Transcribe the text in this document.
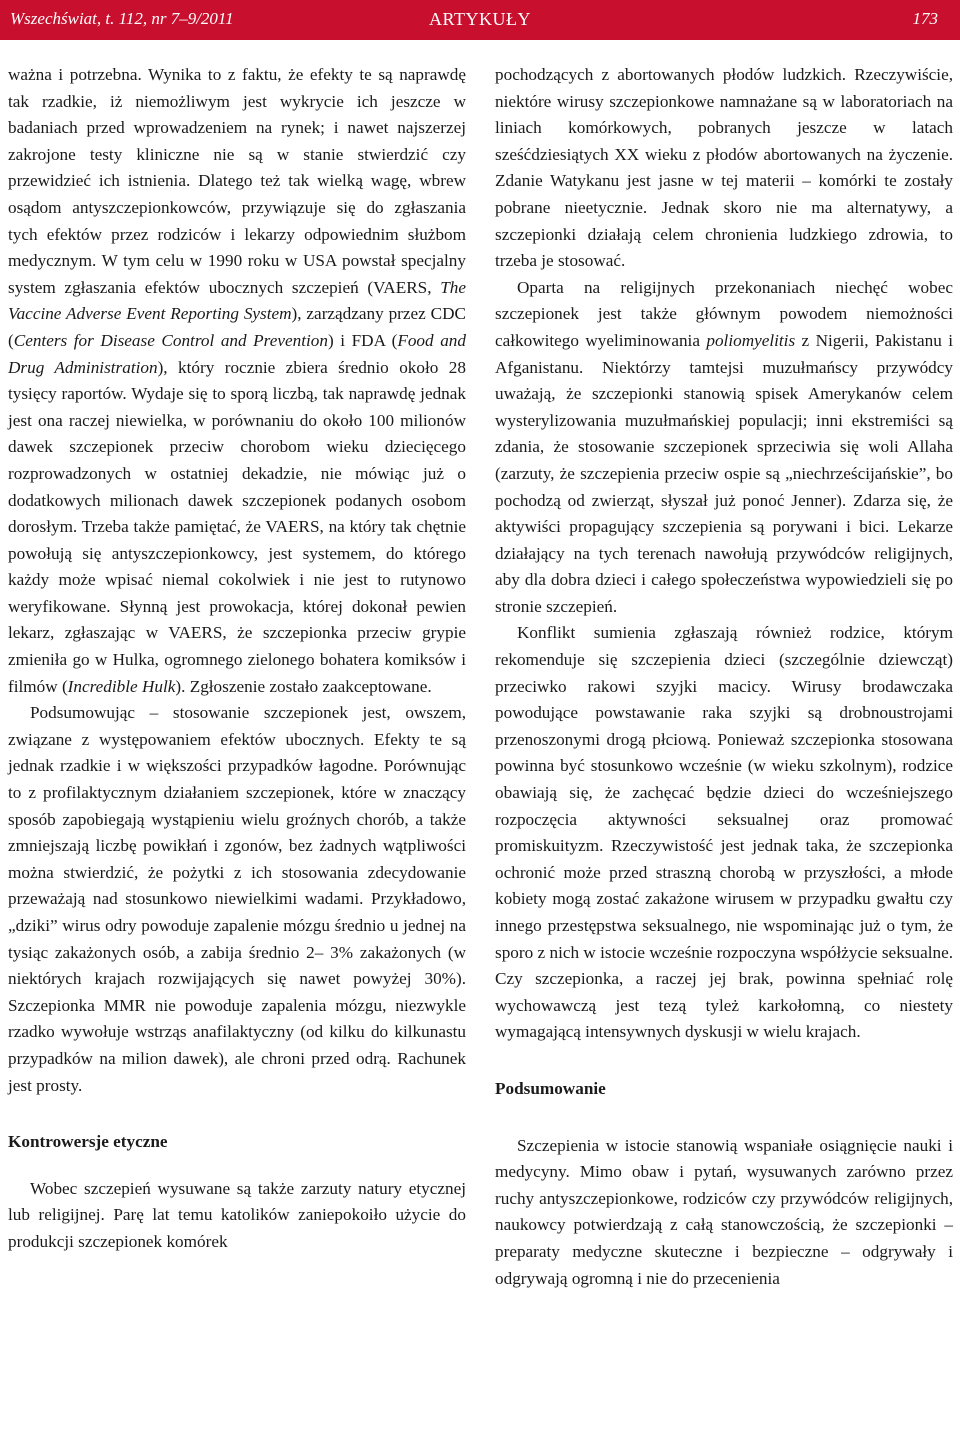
Wszechświat, t. 112, nr 7–9/2011	ARTYKUŁY	173

ważna i potrzebna. Wynika to z faktu, że efekty te są naprawdę tak rzadkie, iż niemożliwym jest wykrycie ich jeszcze w badaniach przed wprowadzeniem na rynek; i nawet najszerzej zakrojone testy kliniczne nie są w stanie stwierdzić czy przewidzieć ich istnienia. Dlatego też tak wielką wagę, wbrew osądom antyszczepionkowców, przywiązuje się do zgłaszania tych efektów przez rodziców i lekarzy odpowiednim służbom medycznym. W tym celu w 1990 roku w USA powstał specjalny system zgłaszania efektów ubocznych szczepień (VAERS, The Vaccine Adverse Event Reporting System), zarządzany przez CDC (Centers for Disease Control and Prevention) i FDA (Food and Drug Administration), który rocznie zbiera średnio około 28 tysięcy raportów. Wydaje się to sporą liczbą, tak naprawdę jednak jest ona raczej niewielka, w porównaniu do około 100 milionów dawek szczepionek przeciw chorobom wieku dziecięcego rozprowadzonych w ostatniej dekadzie, nie mówiąc już o dodatkowych milionach dawek szczepionek podanych osobom dorosłym. Trzeba także pamiętać, że VAERS, na który tak chętnie powołują się antyszczepionkowcy, jest systemem, do którego każdy może wpisać niemal cokolwiek i nie jest to rutynowo weryfikowane. Słynną jest prowokacja, której dokonał pewien lekarz, zgłaszając w VAERS, że szczepionka przeciw grypie zmieniła go w Hulka, ogromnego zielonego bohatera komiksów i filmów (Incredible Hulk). Zgłoszenie zostało zaakceptowane.

Podsumowując – stosowanie szczepionek jest, owszem, związane z występowaniem efektów ubocznych. Efekty te są jednak rzadkie i w większości przypadków łagodne. Porównując to z profilaktycznym działaniem szczepionek, które w znaczący sposób zapobiegają wystąpieniu wielu groźnych chorób, a także zmniejszają liczbę powikłań i zgonów, bez żadnych wątpliwości można stwierdzić, że pożytki z ich stosowania zdecydowanie przeważają nad stosunkowo niewielkimi wadami. Przykładowo, „dziki” wirus odry powoduje zapalenie mózgu średnio u jednej na tysiąc zakażonych osób, a zabija średnio 2– 3% zakażonych (w niektórych krajach rozwijających się nawet powyżej 30%). Szczepionka MMR nie powoduje zapalenia mózgu, niezwykle rzadko wywołuje wstrząs anafilaktyczny (od kilku do kilkunastu przypadków na milion dawek), ale chroni przed odrą. Rachunek jest prosty.

Kontrowersje etyczne

Wobec szczepień wysuwane są także zarzuty natury etycznej lub religijnej. Parę lat temu katolików zaniepokoiło użycie do produkcji szczepionek komórek

pochodzących z abortowanych płodów ludzkich. Rzeczywiście, niektóre wirusy szczepionkowe namnażane są w laboratoriach na liniach komórkowych, pobranych jeszcze w latach sześćdziesiątych XX wieku z płodów abortowanych na życzenie. Zdanie Watykanu jest jasne w tej materii – komórki te zostały pobrane nieetycznie. Jednak skoro nie ma alternatywy, a szczepionki działają celem chronienia ludzkiego zdrowia, to trzeba je stosować.

Oparta na religijnych przekonaniach niechęć wobec szczepionek jest także głównym powodem niemożności całkowitego wyeliminowania poliomyelitis z Nigerii, Pakistanu i Afganistanu. Niektórzy tamtejsi muzułmańscy przywódcy uważają, że szczepionki stanowią spisek Amerykanów celem wysterylizowania muzułmańskiej populacji; inni ekstremiści są zdania, że stosowanie szczepionek sprzeciwia się woli Allaha (zarzuty, że szczepienia przeciw ospie są „niechrześcijańskie”, bo pochodzą od zwierząt, słyszał już ponoć Jenner). Zdarza się, że aktywiści propagujący szczepienia są porywani i bici. Lekarze działający na tych terenach nawołują przywódców religijnych, aby dla dobra dzieci i całego społeczeństwa wypowiedzieli się po stronie szczepień.

Konflikt sumienia zgłaszają również rodzice, którym rekomenduje się szczepienia dzieci (szczególnie dziewcząt) przeciwko rakowi szyjki macicy. Wirusy brodawczaka powodujące powstawanie raka szyjki są drobnoustrojami przenoszonymi drogą płciową. Ponieważ szczepionka stosowana powinna być stosunkowo wcześnie (w wieku szkolnym), rodzice obawiają się, że zachęcać będzie dzieci do wcześniejszego rozpoczęcia aktywności seksualnej oraz promować promiskuityzm. Rzeczywistość jest jednak taka, że szczepionka ochronić może przed straszną chorobą w przyszłości, a młode kobiety mogą zostać zakażone wirusem w przypadku gwałtu czy innego przestępstwa seksualnego, nie wspominając już o tym, że sporo z nich w istocie wcześnie rozpoczyna współżycie seksualne. Czy szczepionka, a raczej jej brak, powinna spełniać rolę wychowawczą jest tezą tyleż karkołomną, co niestety wymagającą intensywnych dyskusji w wielu krajach.

Podsumowanie

Szczepienia w istocie stanowią wspaniałe osiągnięcie nauki i medycyny. Mimo obaw i pytań, wysuwanych zarówno przez ruchy antyszczepionkowe, rodziców czy przywódców religijnych, naukowcy potwierdzają z całą stanowczością, że szczepionki – preparaty medyczne skuteczne i bezpieczne – odgrywały i odgrywają ogromną i nie do przecenienia
